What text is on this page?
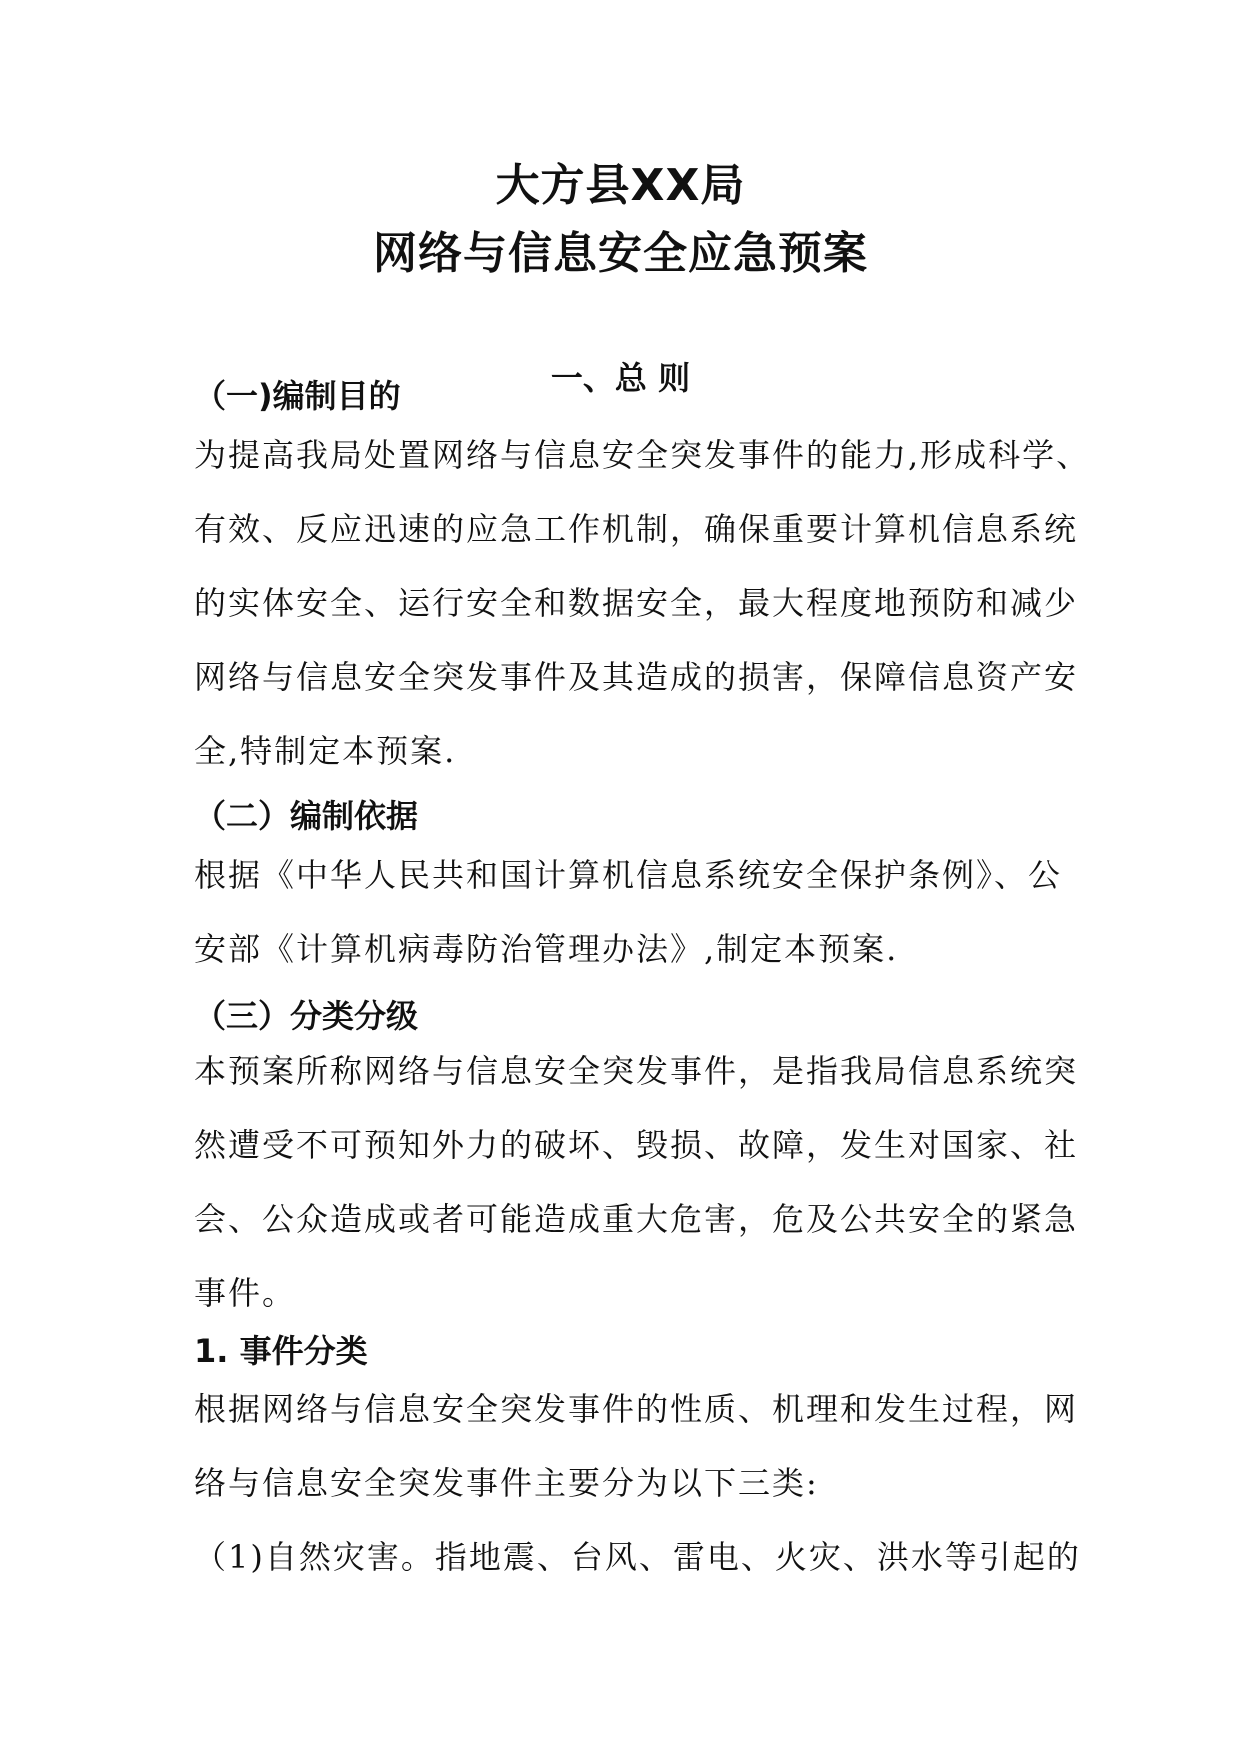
大方县XX局
网络与信息安全应急预案
一、总 则
（一)编制目的
为提高我局处置网络与信息安全突发事件的能力,形成科学、
有效、反应迅速的应急工作机制，确保重要计算机信息系统
的实体安全、运行安全和数据安全，最大程度地预防和减少
网络与信息安全突发事件及其造成的损害，保障信息资产安
全,特制定本预案.
（二）编制依据
根据《中华人民共和国计算机信息系统安全保护条例》、公
安部《计算机病毒防治管理办法》,制定本预案.
（三）分类分级
本预案所称网络与信息安全突发事件，是指我局信息系统突
然遭受不可预知外力的破坏、毁损、故障，发生对国家、社
会、公众造成或者可能造成重大危害，危及公共安全的紧急
事件。
1. 事件分类
根据网络与信息安全突发事件的性质、机理和发生过程，网
络与信息安全突发事件主要分为以下三类:
（1)自然灾害。指地震、台风、雷电、火灾、洪水等引起的
